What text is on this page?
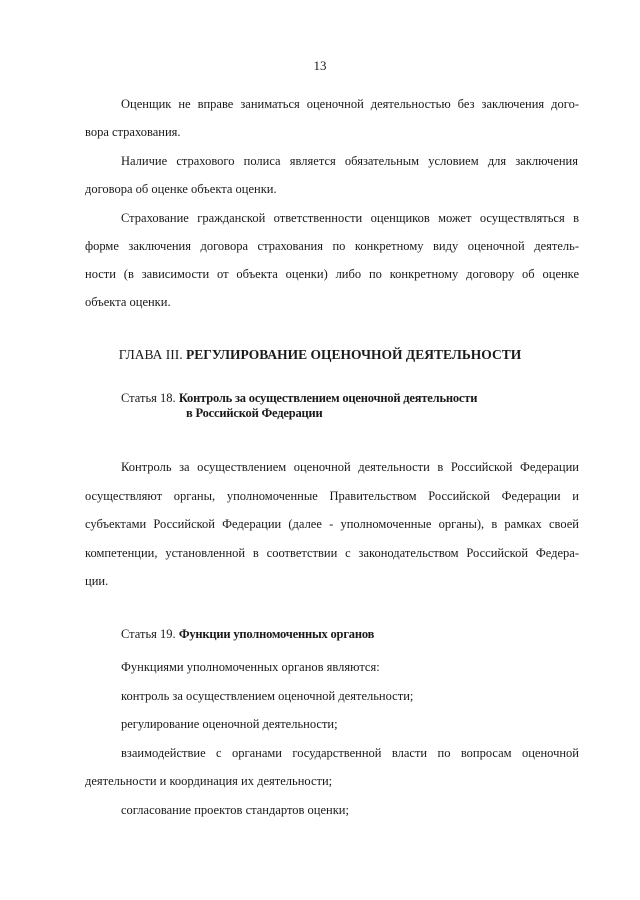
13
Оценщик не вправе заниматься оценочной деятельностью без заключения дого-
вора страхования.
Наличие страхового полиса является обязательным условием для заключения
договора об оценке объекта оценки.
Страхование гражданской ответственности оценщиков может осуществляться в
форме заключения договора страхования по конкретному виду оценочной деятель-
ности (в зависимости от объекта оценки) либо по конкретному договору об оценке
объекта оценки.
ГЛАВА III. РЕГУЛИРОВАНИЕ ОЦЕНОЧНОЙ ДЕЯТЕЛЬНОСТИ
Статья 18. Контроль за осуществлением оценочной деятельности
в Российской Федерации
Контроль за осуществлением оценочной деятельности в Российской Федерации
осуществляют органы, уполномоченные Правительством Российской Федерации и
субъектами Российской Федерации (далее - уполномоченные органы), в рамках своей
компетенции, установленной в соответствии с законодательством Российской Федера-
ции.
Статья 19. Функции уполномоченных органов
Функциями уполномоченных органов являются:
контроль за осуществлением оценочной деятельности;
регулирование оценочной деятельности;
взаимодействие с органами государственной власти по вопросам оценочной
деятельности и координация их деятельности;
согласование проектов стандартов оценки;
